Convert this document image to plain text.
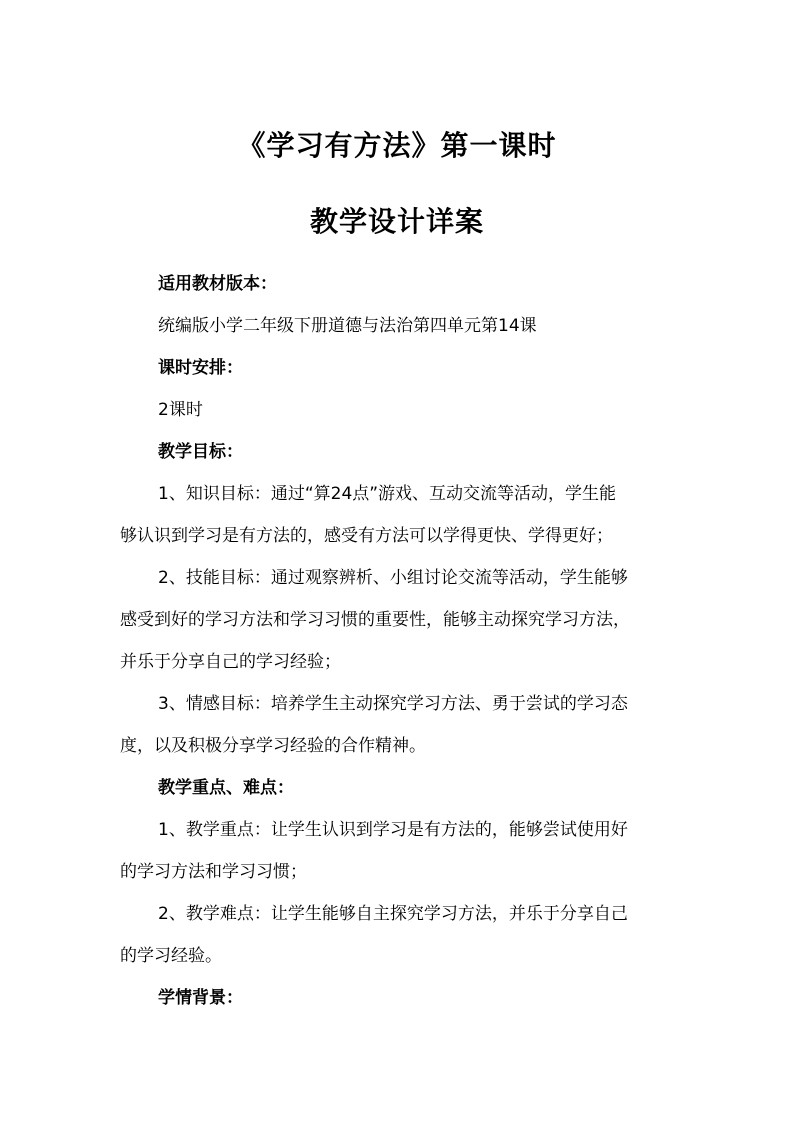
《学习有方法》第一课时
教学设计详案
适用教材版本：
统编版小学二年级下册道德与法治第四单元第14课
课时安排：
2课时
教学目标：
1、知识目标：通过“算24点”游戏、互动交流等活动，学生能
够认识到学习是有方法的，感受有方法可以学得更快、学得更好；
2、技能目标：通过观察辨析、小组讨论交流等活动，学生能够
感受到好的学习方法和学习习惯的重要性，能够主动探究学习方法，
并乐于分享自己的学习经验；
3、情感目标：培养学生主动探究学习方法、勇于尝试的学习态
度，以及积极分享学习经验的合作精神。
教学重点、难点：
1、教学重点：让学生认识到学习是有方法的，能够尝试使用好
的学习方法和学习习惯；
2、教学难点：让学生能够自主探究学习方法，并乐于分享自己
的学习经验。
学情背景：
